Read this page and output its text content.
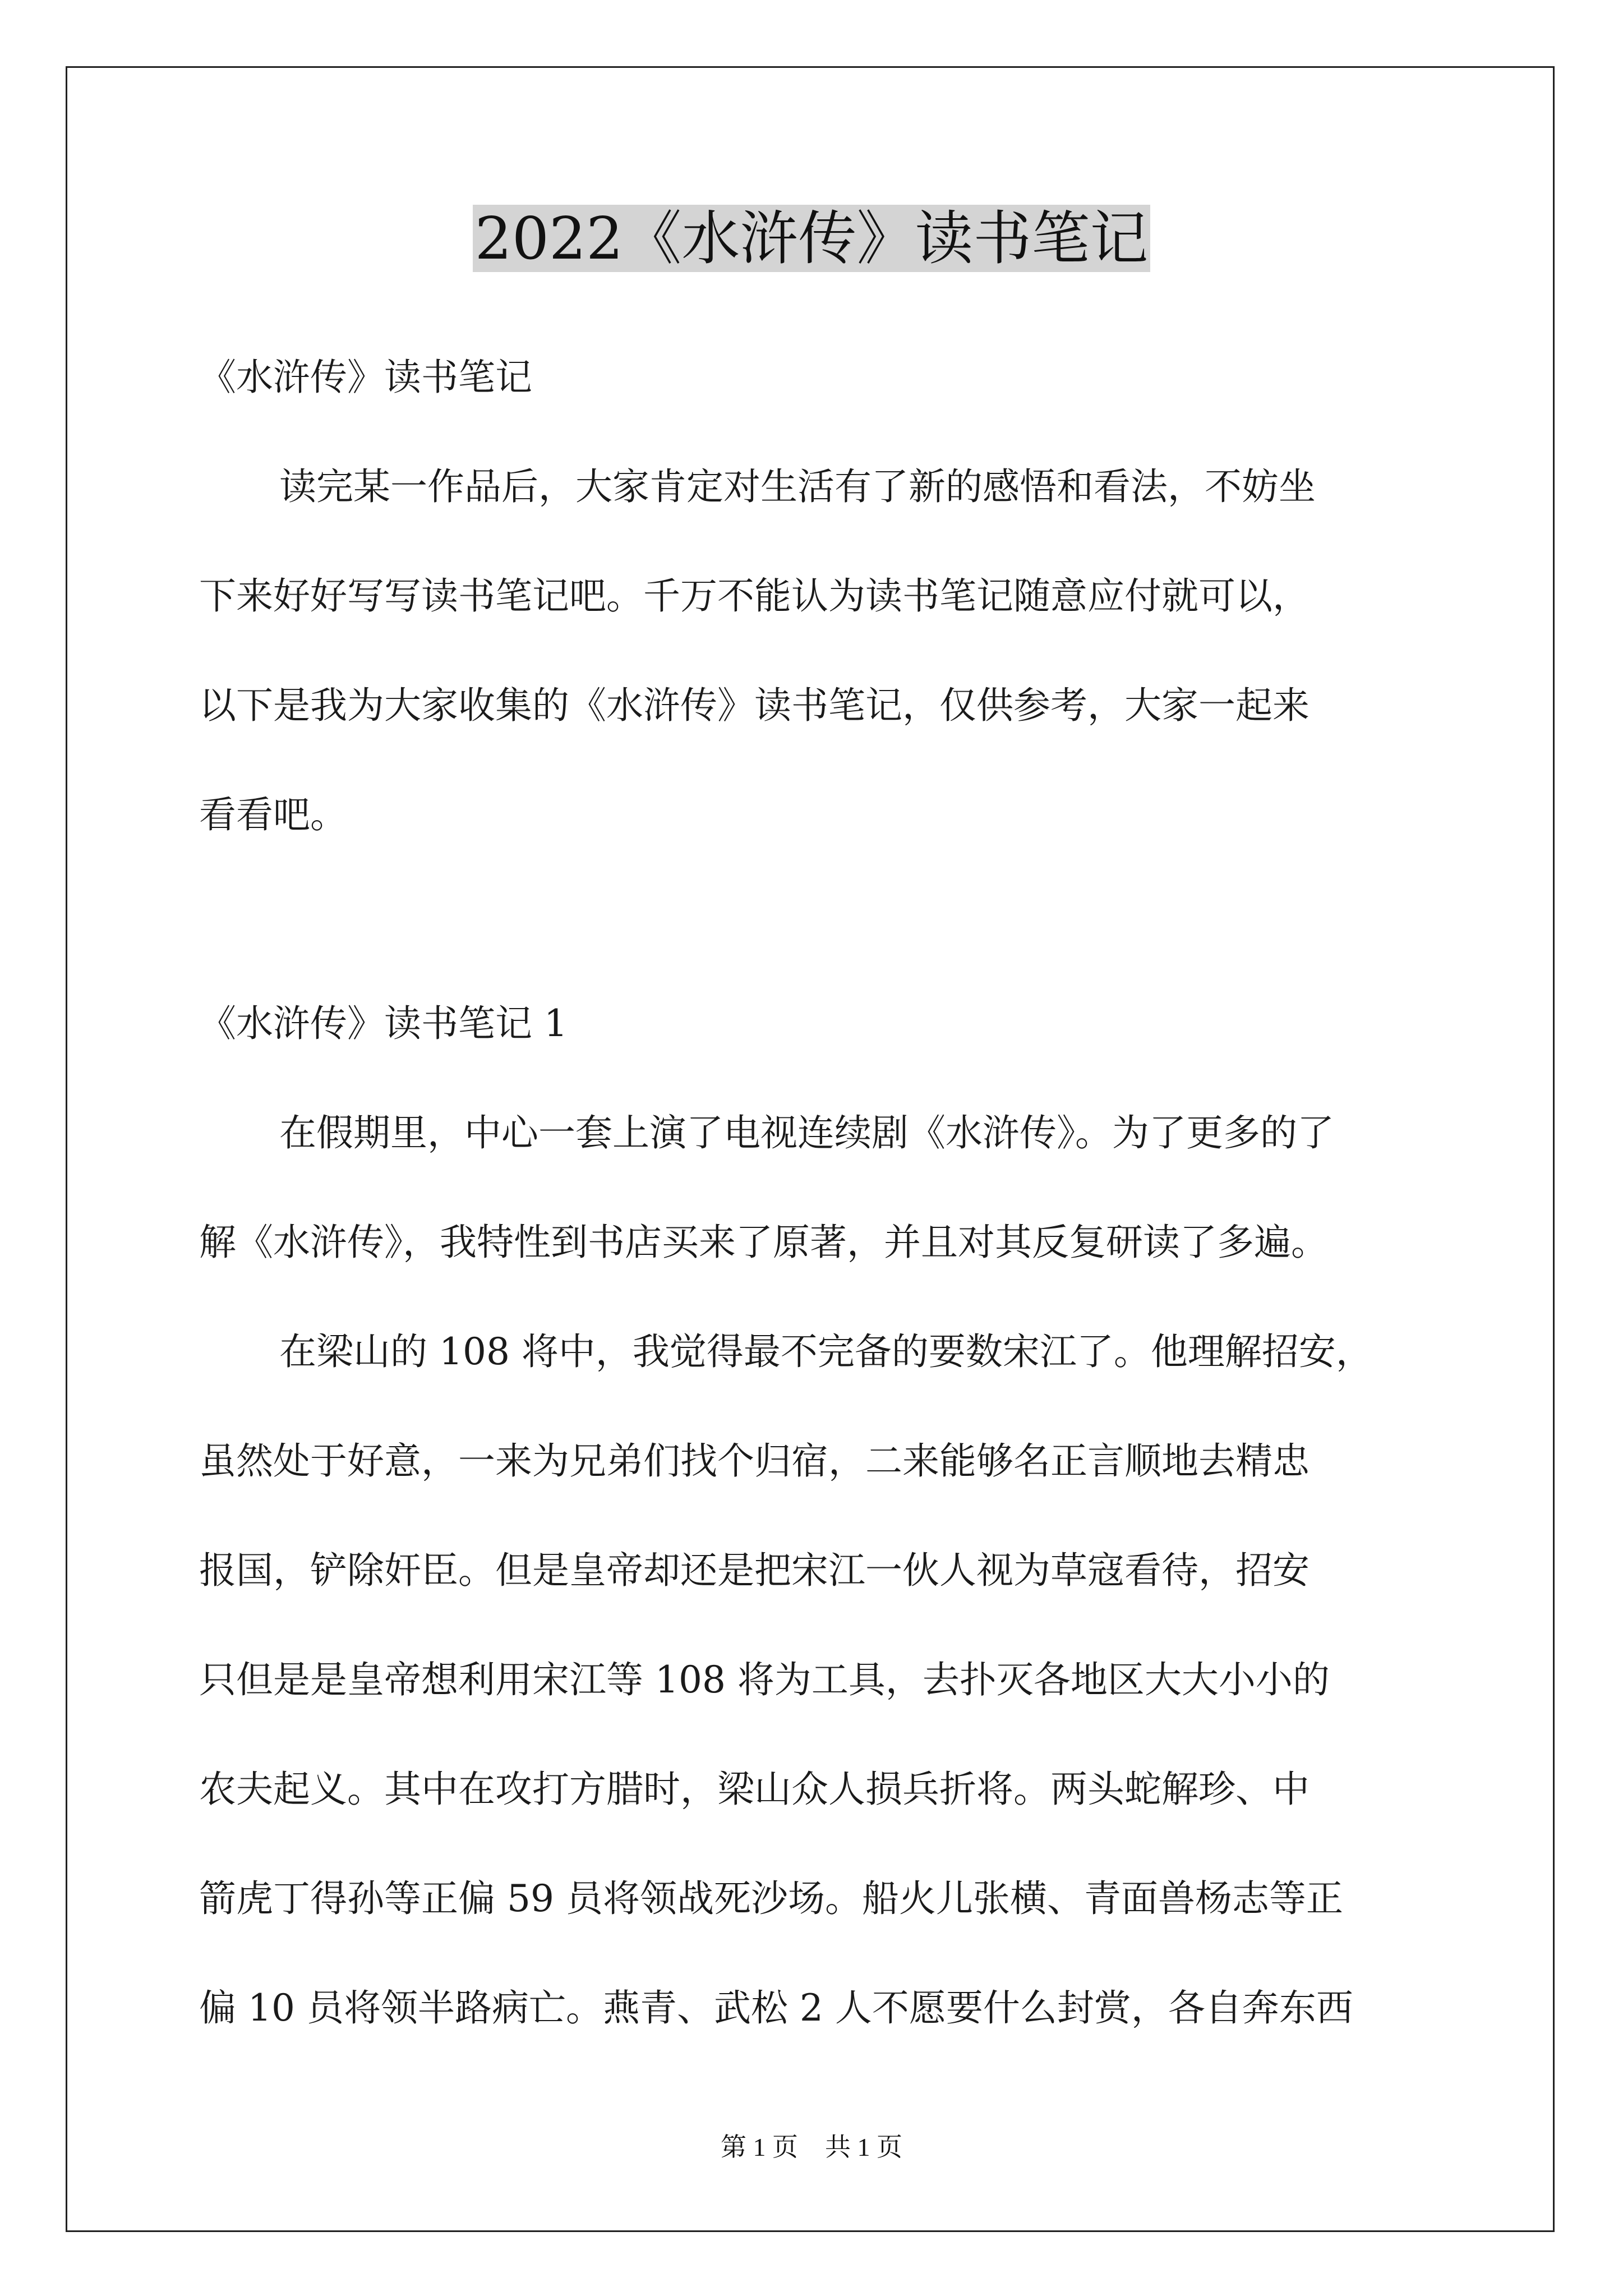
2022《水浒传》读书笔记
《水浒传》读书笔记
读完某一作品后，大家肯定对生活有了新的感悟和看法，不妨坐
下来好好写写读书笔记吧。千万不能认为读书笔记随意应付就可以，
以下是我为大家收集的《水浒传》读书笔记，仅供参考，大家一起来
看看吧。
《水浒传》读书笔记 1
在假期里，中心一套上演了电视连续剧《水浒传》。为了更多的了
解《水浒传》，我特性到书店买来了原著，并且对其反复研读了多遍。
在梁山的 108 将中，我觉得最不完备的要数宋江了。他理解招安，
虽然处于好意，一来为兄弟们找个归宿，二来能够名正言顺地去精忠
报国，铲除奸臣。但是皇帝却还是把宋江一伙人视为草寇看待，招安
只但是是皇帝想利用宋江等 108 将为工具，去扑灭各地区大大小小的
农夫起义。其中在攻打方腊时，梁山众人损兵折将。两头蛇解珍、中
箭虎丁得孙等正偏 59 员将领战死沙场。船火儿张横、青面兽杨志等正
偏 10 员将领半路病亡。燕青、武松 2 人不愿要什么封赏，各自奔东西
第 1 页 共 1 页
